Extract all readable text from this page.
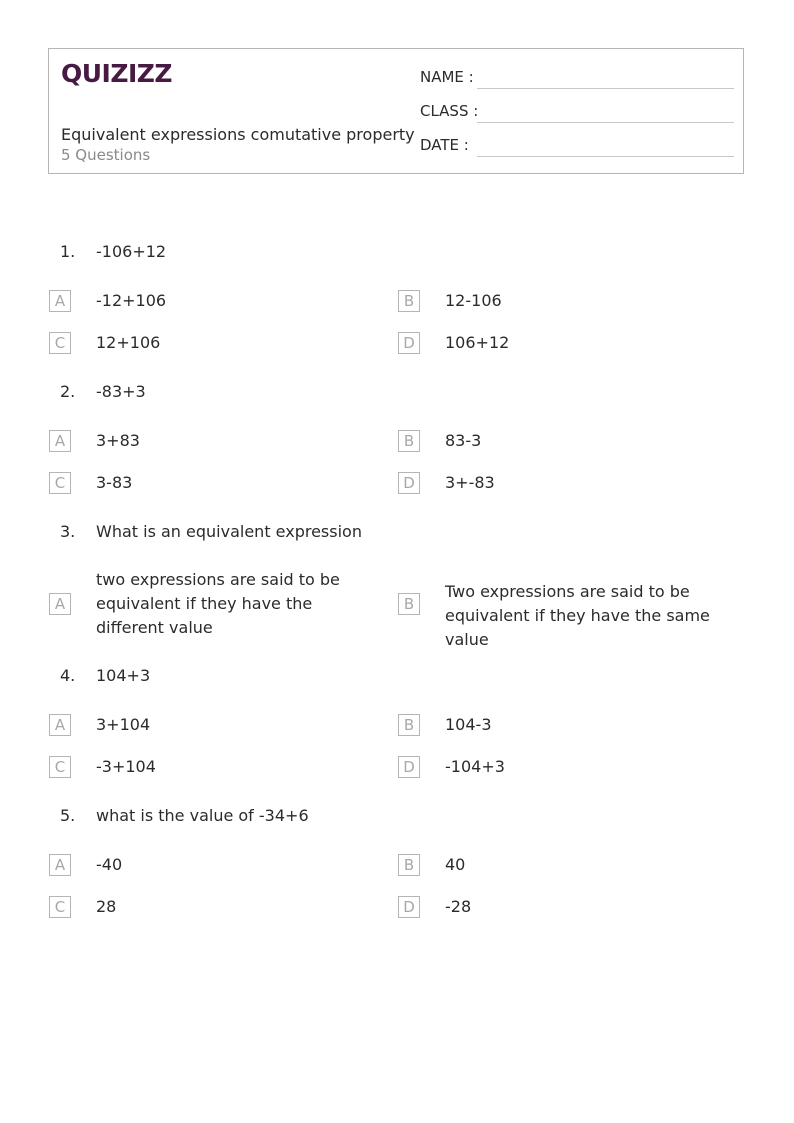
QUIZIZZ
Equivalent expressions comutative property
5 Questions
NAME :
CLASS :
DATE :
1. -106+12
A	-12+106	B	12-106
C	12+106	D	106+12
2. -83+3
A	3+83	B	83-3
C	3-83	D	3+-83
3. What is an equivalent expression
A
two expressions are said to be equivalent if they have the different value
B
Two expressions are said to be equivalent if they have the same value
4. 104+3
A	3+104	B	104-3
C	-3+104	D	-104+3
5. what is the value of -34+6
A	-40	B	40
C	28	D	-28
